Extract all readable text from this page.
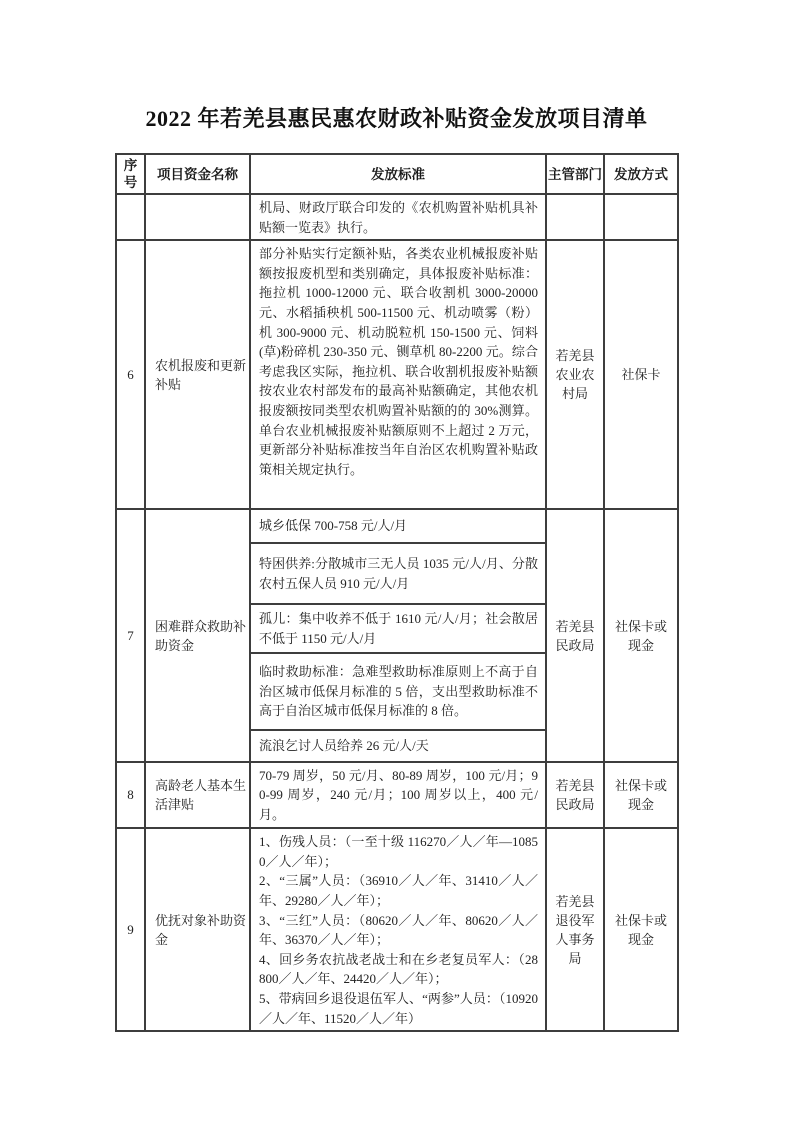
2022 年若羌县惠民惠农财政补贴资金发放项目清单
序号	项目资金名称	发放标准	主管部门	发放方式
		机局、财政厅联合印发的《农机购置补贴机具补贴额一览表》执行。		
6	农机报废和更新补贴	部分补贴实行定额补贴，各类农业机械报废补贴额按报废机型和类别确定，具体报废补贴标准：拖拉机 1000-12000 元、联合收割机 3000-20000 元、水稻插秧机 500-11500 元、机动喷雾（粉）机 300-9000 元、机动脱粒机 150-1500 元、饲料(草)粉碎机 230-350 元、铡草机 80-2200 元。综合考虑我区实际，拖拉机、联合收割机报废补贴额按农业农村部发布的最高补贴额确定，其他农机报废额按同类型农机购置补贴额的的 30%测算。单台农业机械报废补贴额原则不上超过 2 万元，更新部分补贴标准按当年自治区农机购置补贴政策相关规定执行。	若羌县农业农村局	社保卡
7	困难群众救助补助资金	城乡低保 700-758 元/人/月	若羌县民政局	社保卡或现金
		特困供养:分散城市三无人员 1035 元/人/月、分散农村五保人员 910 元/人/月		
		孤儿：集中收养不低于 1610 元/人/月；社会散居不低于 1150 元/人/月		
		临时救助标准：急难型救助标准原则上不高于自治区城市低保月标准的 5 倍，支出型救助标准不高于自治区城市低保月标准的 8 倍。		
		流浪乞讨人员给养 26 元/人/天		
8	高龄老人基本生活津贴	70-79 周岁，50 元/月、80-89 周岁，100 元/月；90-99 周岁，240 元/月；100 周岁以上，400 元/月。	若羌县民政局	社保卡或现金
9	优抚对象补助资金	1、伤残人员：（一至十级 116270／人／年—10850／人／年）；
2、“三属”人员：（36910／人／年、31410／人／年、29280／人／年）；
3、“三红”人员：（80620／人／年、80620／人／年、36370／人／年）；
4、回乡务农抗战老战士和在乡老复员军人：（28800／人／年、24420／人／年）；
5、带病回乡退役退伍军人、“两参”人员：（10920／人／年、11520／人／年）	若羌县退役军人事务局	社保卡或现金
